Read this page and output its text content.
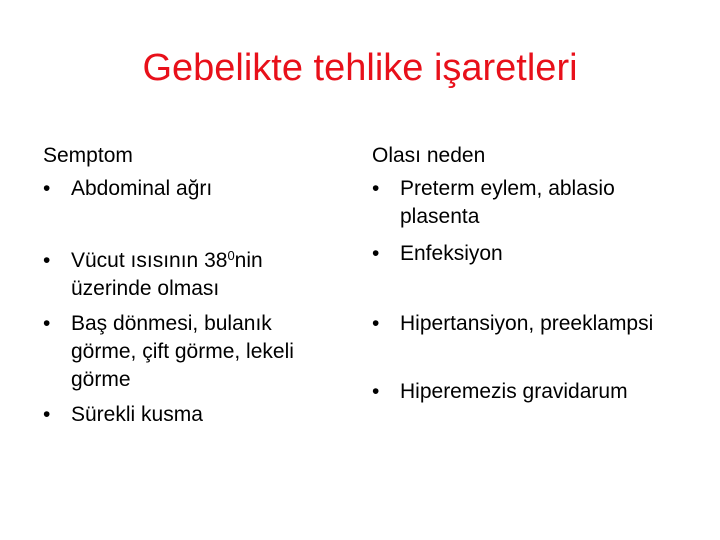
Gebelikte tehlike işaretleri

Semptom

• Abdominal ağrı
• Vücut ısısının $38^0nin$ üzerinde olması
• Baş dönmesi, bulanık görme, çift görme, lekeli görme
• Sürekli kusma

Olası neden

• Preterm eylem, ablasio plasenta
• Enfeksiyon
• Hipertansiyon, preeklampsi
• Hiperemezis gravidarum
